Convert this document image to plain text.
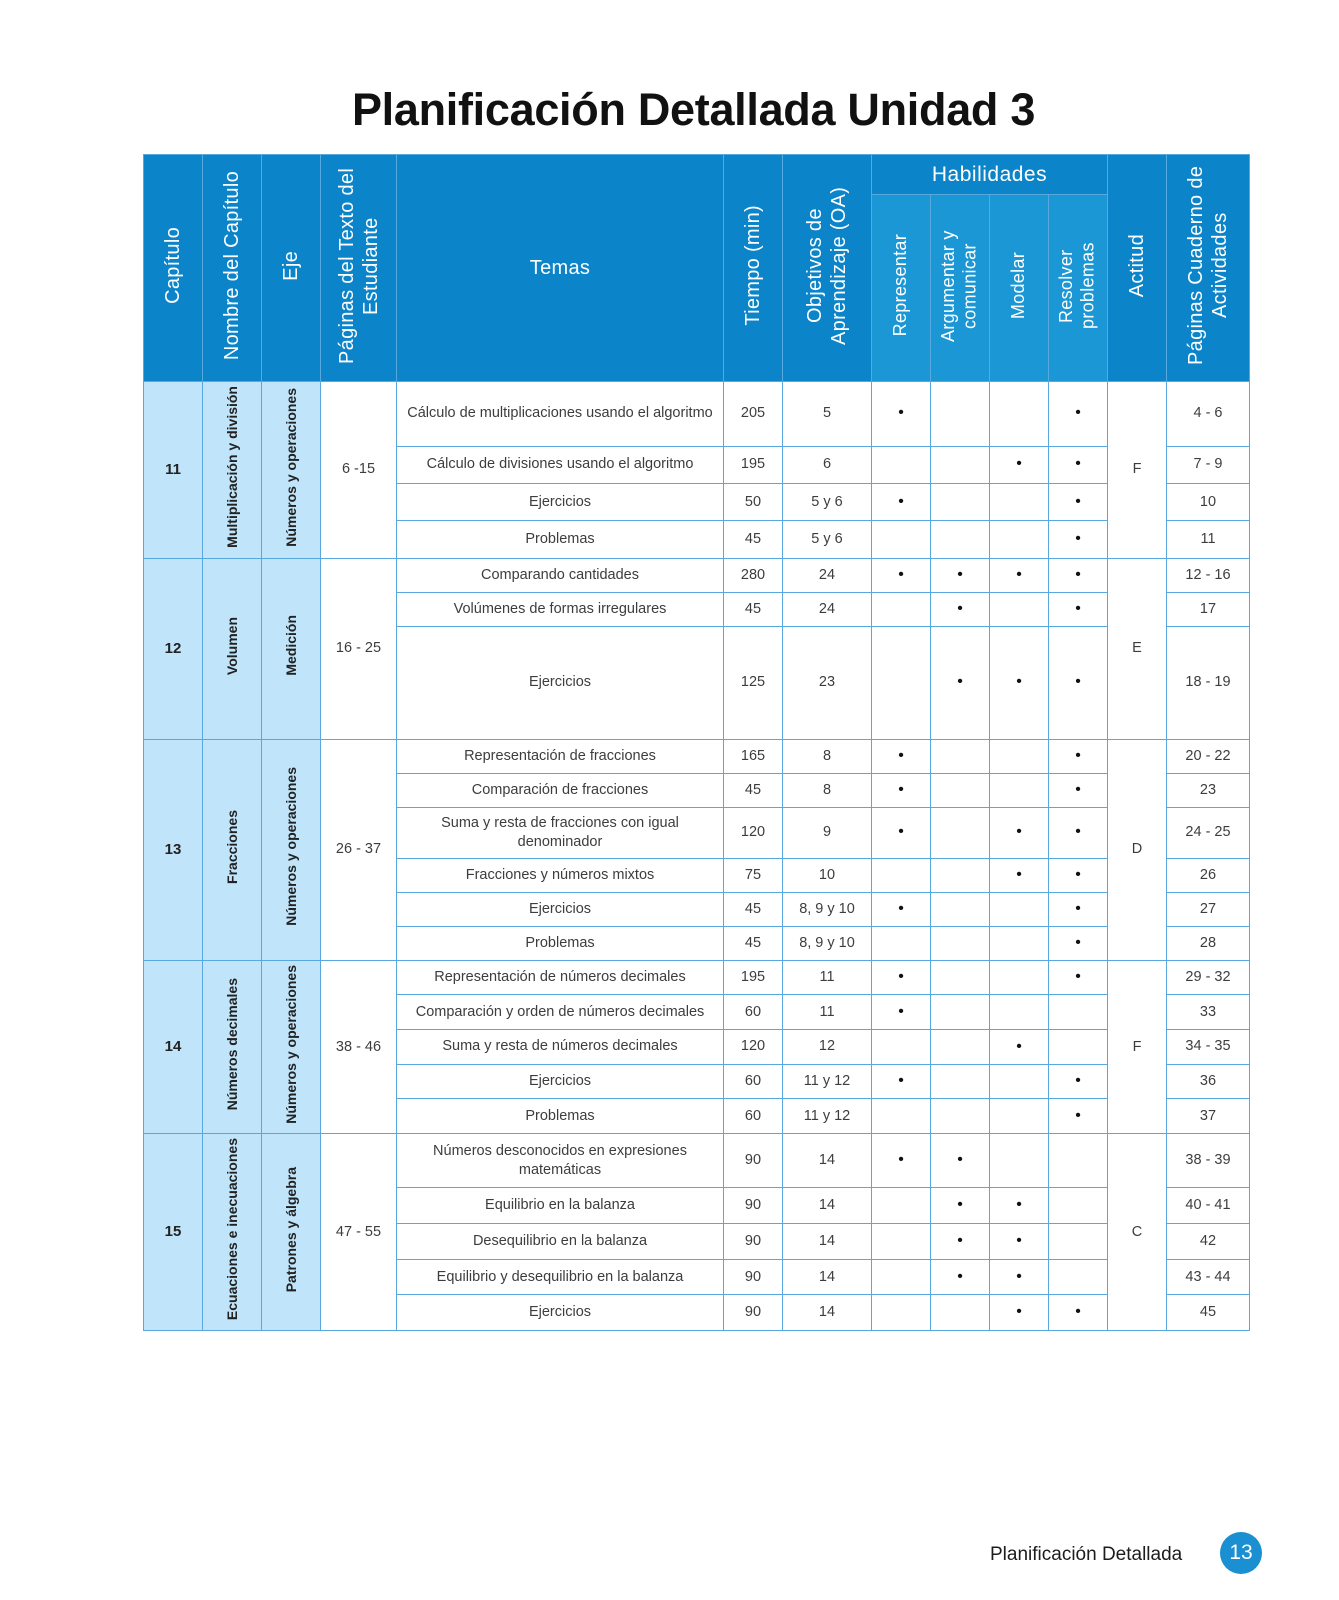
Planificación Detallada Unidad 3
Capítulo	Nombre del Capítulo	Eje	Páginas del Texto del Estudiante	Temas	Tiempo (min)	Objetivos de Aprendizaje (OA)	Habilidades				Actitud	Páginas Cuaderno de Actividades
							Representar	Argumentar y comunicar	Modelar	Resolver problemas		
11	Multiplicación y división	Números y operaciones	6 -15	Cálculo de multiplicaciones usando el algoritmo	205	5	•			•	F	4 - 6
				Cálculo de divisiones usando el algoritmo	195	6			•	•		7 - 9
				Ejercicios	50	5 y 6	•			•		10
				Problemas	45	5 y 6				•		11
12	Volumen	Medición	16 - 25	Comparando cantidades	280	24	•	•	•	•	E	12 - 16
				Volúmenes de formas irregulares	45	24		•		•		17
				Ejercicios	125	23		•	•	•		18 - 19
13	Fracciones	Números y operaciones	26 - 37	Representación de fracciones	165	8	•			•	D	20 - 22
				Comparación de fracciones	45	8	•			•		23
				Suma y resta de fracciones con igual denominador	120	9	•		•	•		24 - 25
				Fracciones y números mixtos	75	10			•	•		26
				Ejercicios	45	8, 9 y 10	•			•		27
				Problemas	45	8, 9 y 10				•		28
14	Números decimales	Números y operaciones	38 - 46	Representación de números decimales	195	11	•			•	F	29 - 32
				Comparación y orden de números decimales	60	11	•					33
				Suma y resta de números decimales	120	12			•			34 - 35
				Ejercicios	60	11 y 12	•			•		36
				Problemas	60	11 y 12				•		37
15	Ecuaciones e inecuaciones	Patrones y álgebra	47 - 55	Números desconocidos en expresiones matemáticas	90	14	•	•			C	38 - 39
				Equilibrio en la balanza	90	14		•	•			40 - 41
				Desequilibrio en la balanza	90	14		•	•			42
				Equilibrio y desequilibrio en la balanza	90	14		•	•			43 - 44
				Ejercicios	90	14			•	•		45
Planificación Detallada	13
